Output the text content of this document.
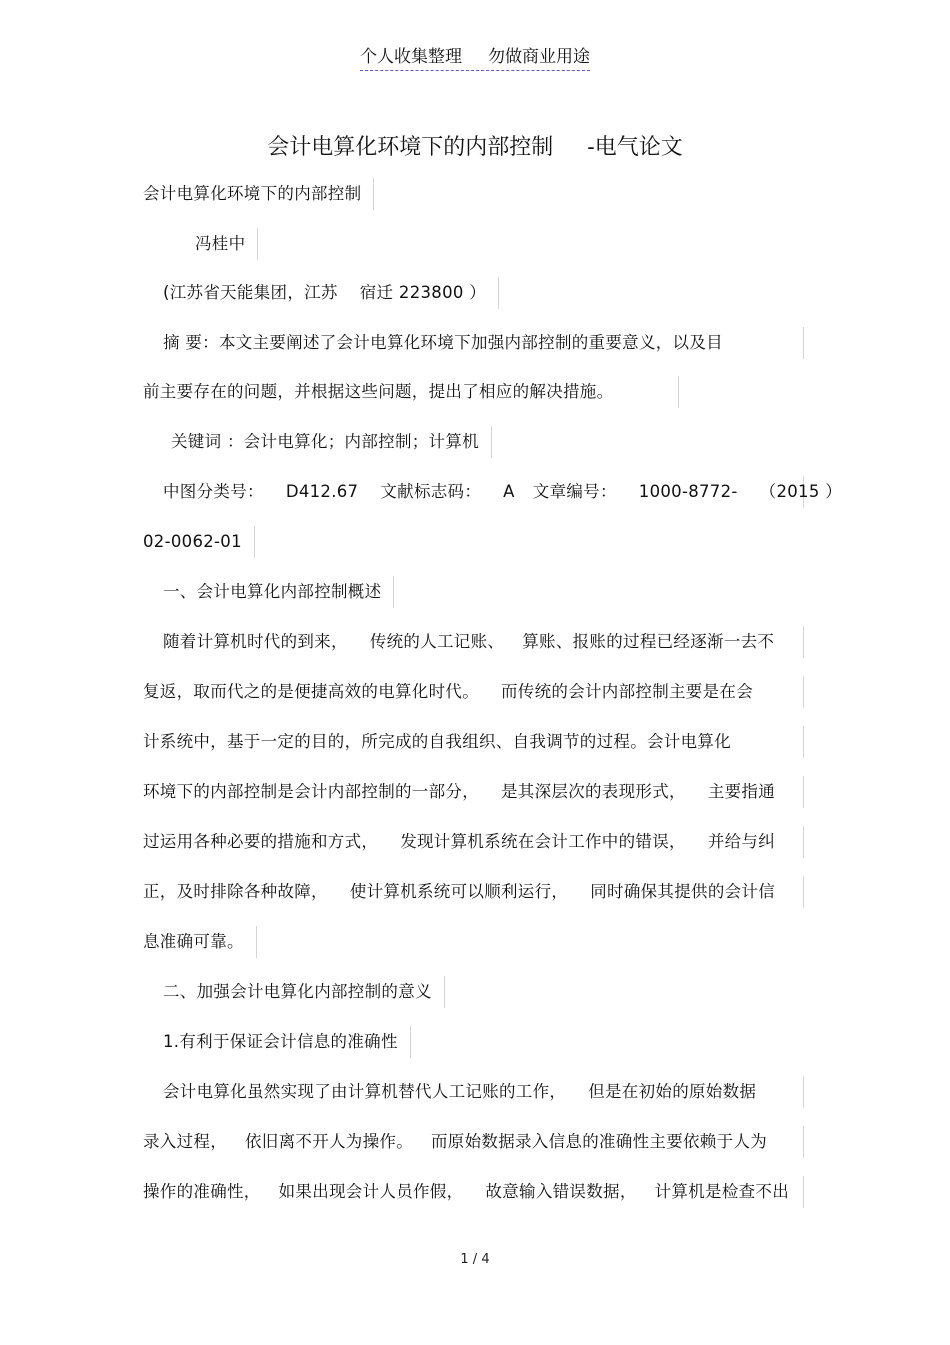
个人收集整理 勿做商业用途
会计电算化环境下的内部控制 -电气论文
会计电算化环境下的内部控制
冯桂中
(江苏省天能集团，江苏 宿迁 223800 ）
摘 要：本文主要阐述了会计电算化环境下加强内部控制的重要意义，以及目
前主要存在的问题，并根据这些问题，提出了相应的解决措施。
关键词 ：会计电算化；内部控制；计算机
中图分类号： D412.67 文献标志码： A 文章编号： 1000-8772- （2015 ）
02-0062-01
一、会计电算化内部控制概述
随着计算机时代的到来， 传统的人工记账、 算账、报账的过程已经逐渐一去不
复返，取而代之的是便捷高效的电算化时代。 而传统的会计内部控制主要是在会
计系统中，基于一定的目的，所完成的自我组织、自我调节的过程。会计电算化
环境下的内部控制是会计内部控制的一部分， 是其深层次的表现形式， 主要指通
过运用各种必要的措施和方式， 发现计算机系统在会计工作中的错误， 并给与纠
正，及时排除各种故障， 使计算机系统可以顺利运行， 同时确保其提供的会计信
息准确可靠。
二、加强会计电算化内部控制的意义
1.有利于保证会计信息的准确性
会计电算化虽然实现了由计算机替代人工记账的工作， 但是在初始的原始数据
录入过程， 依旧离不开人为操作。 而原始数据录入信息的准确性主要依赖于人为
操作的准确性， 如果出现会计人员作假， 故意输入错误数据， 计算机是检查不出
1 / 4
